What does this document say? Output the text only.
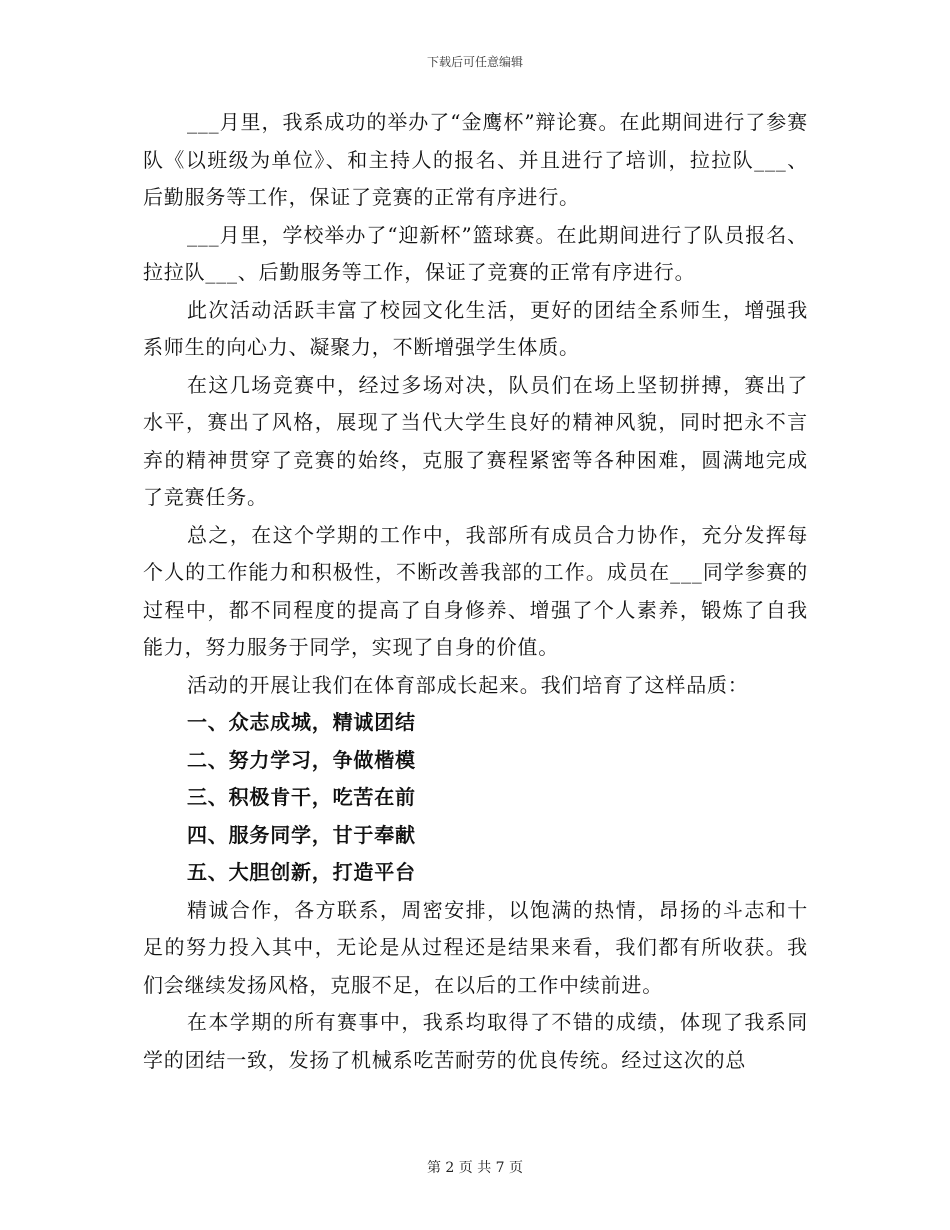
下载后可任意编辑

___月里，我系成功的举办了“金鹰杯”辩论赛。在此期间进行了参赛队《以班级为单位》、和主持人的报名、并且进行了培训，拉拉队___、后勤服务等工作，保证了竞赛的正常有序进行。

___月里，学校举办了“迎新杯”篮球赛。在此期间进行了队员报名、拉拉队___、后勤服务等工作，保证了竞赛的正常有序进行。

此次活动活跃丰富了校园文化生活，更好的团结全系师生，增强我系师生的向心力、凝聚力，不断增强学生体质。

在这几场竞赛中，经过多场对决，队员们在场上坚韧拼搏，赛出了水平，赛出了风格，展现了当代大学生良好的精神风貌，同时把永不言弃的精神贯穿了竞赛的始终，克服了赛程紧密等各种困难，圆满地完成了竞赛任务。

总之，在这个学期的工作中，我部所有成员合力协作，充分发挥每个人的工作能力和积极性，不断改善我部的工作。成员在___同学参赛的过程中，都不同程度的提高了自身修养、增强了个人素养，锻炼了自我能力，努力服务于同学，实现了自身的价值。

活动的开展让我们在体育部成长起来。我们培育了这样品质：

一、众志成城，精诚团结

二、努力学习，争做楷模

三、积极肯干，吃苦在前

四、服务同学，甘于奉献

五、大胆创新，打造平台

精诚合作，各方联系，周密安排，以饱满的热情，昂扬的斗志和十足的努力投入其中，无论是从过程还是结果来看，我们都有所收获。我们会继续发扬风格，克服不足，在以后的工作中续前进。

在本学期的所有赛事中，我系均取得了不错的成绩，体现了我系同学的团结一致，发扬了机械系吃苦耐劳的优良传统。经过这次的总

第 2 页 共 7 页
